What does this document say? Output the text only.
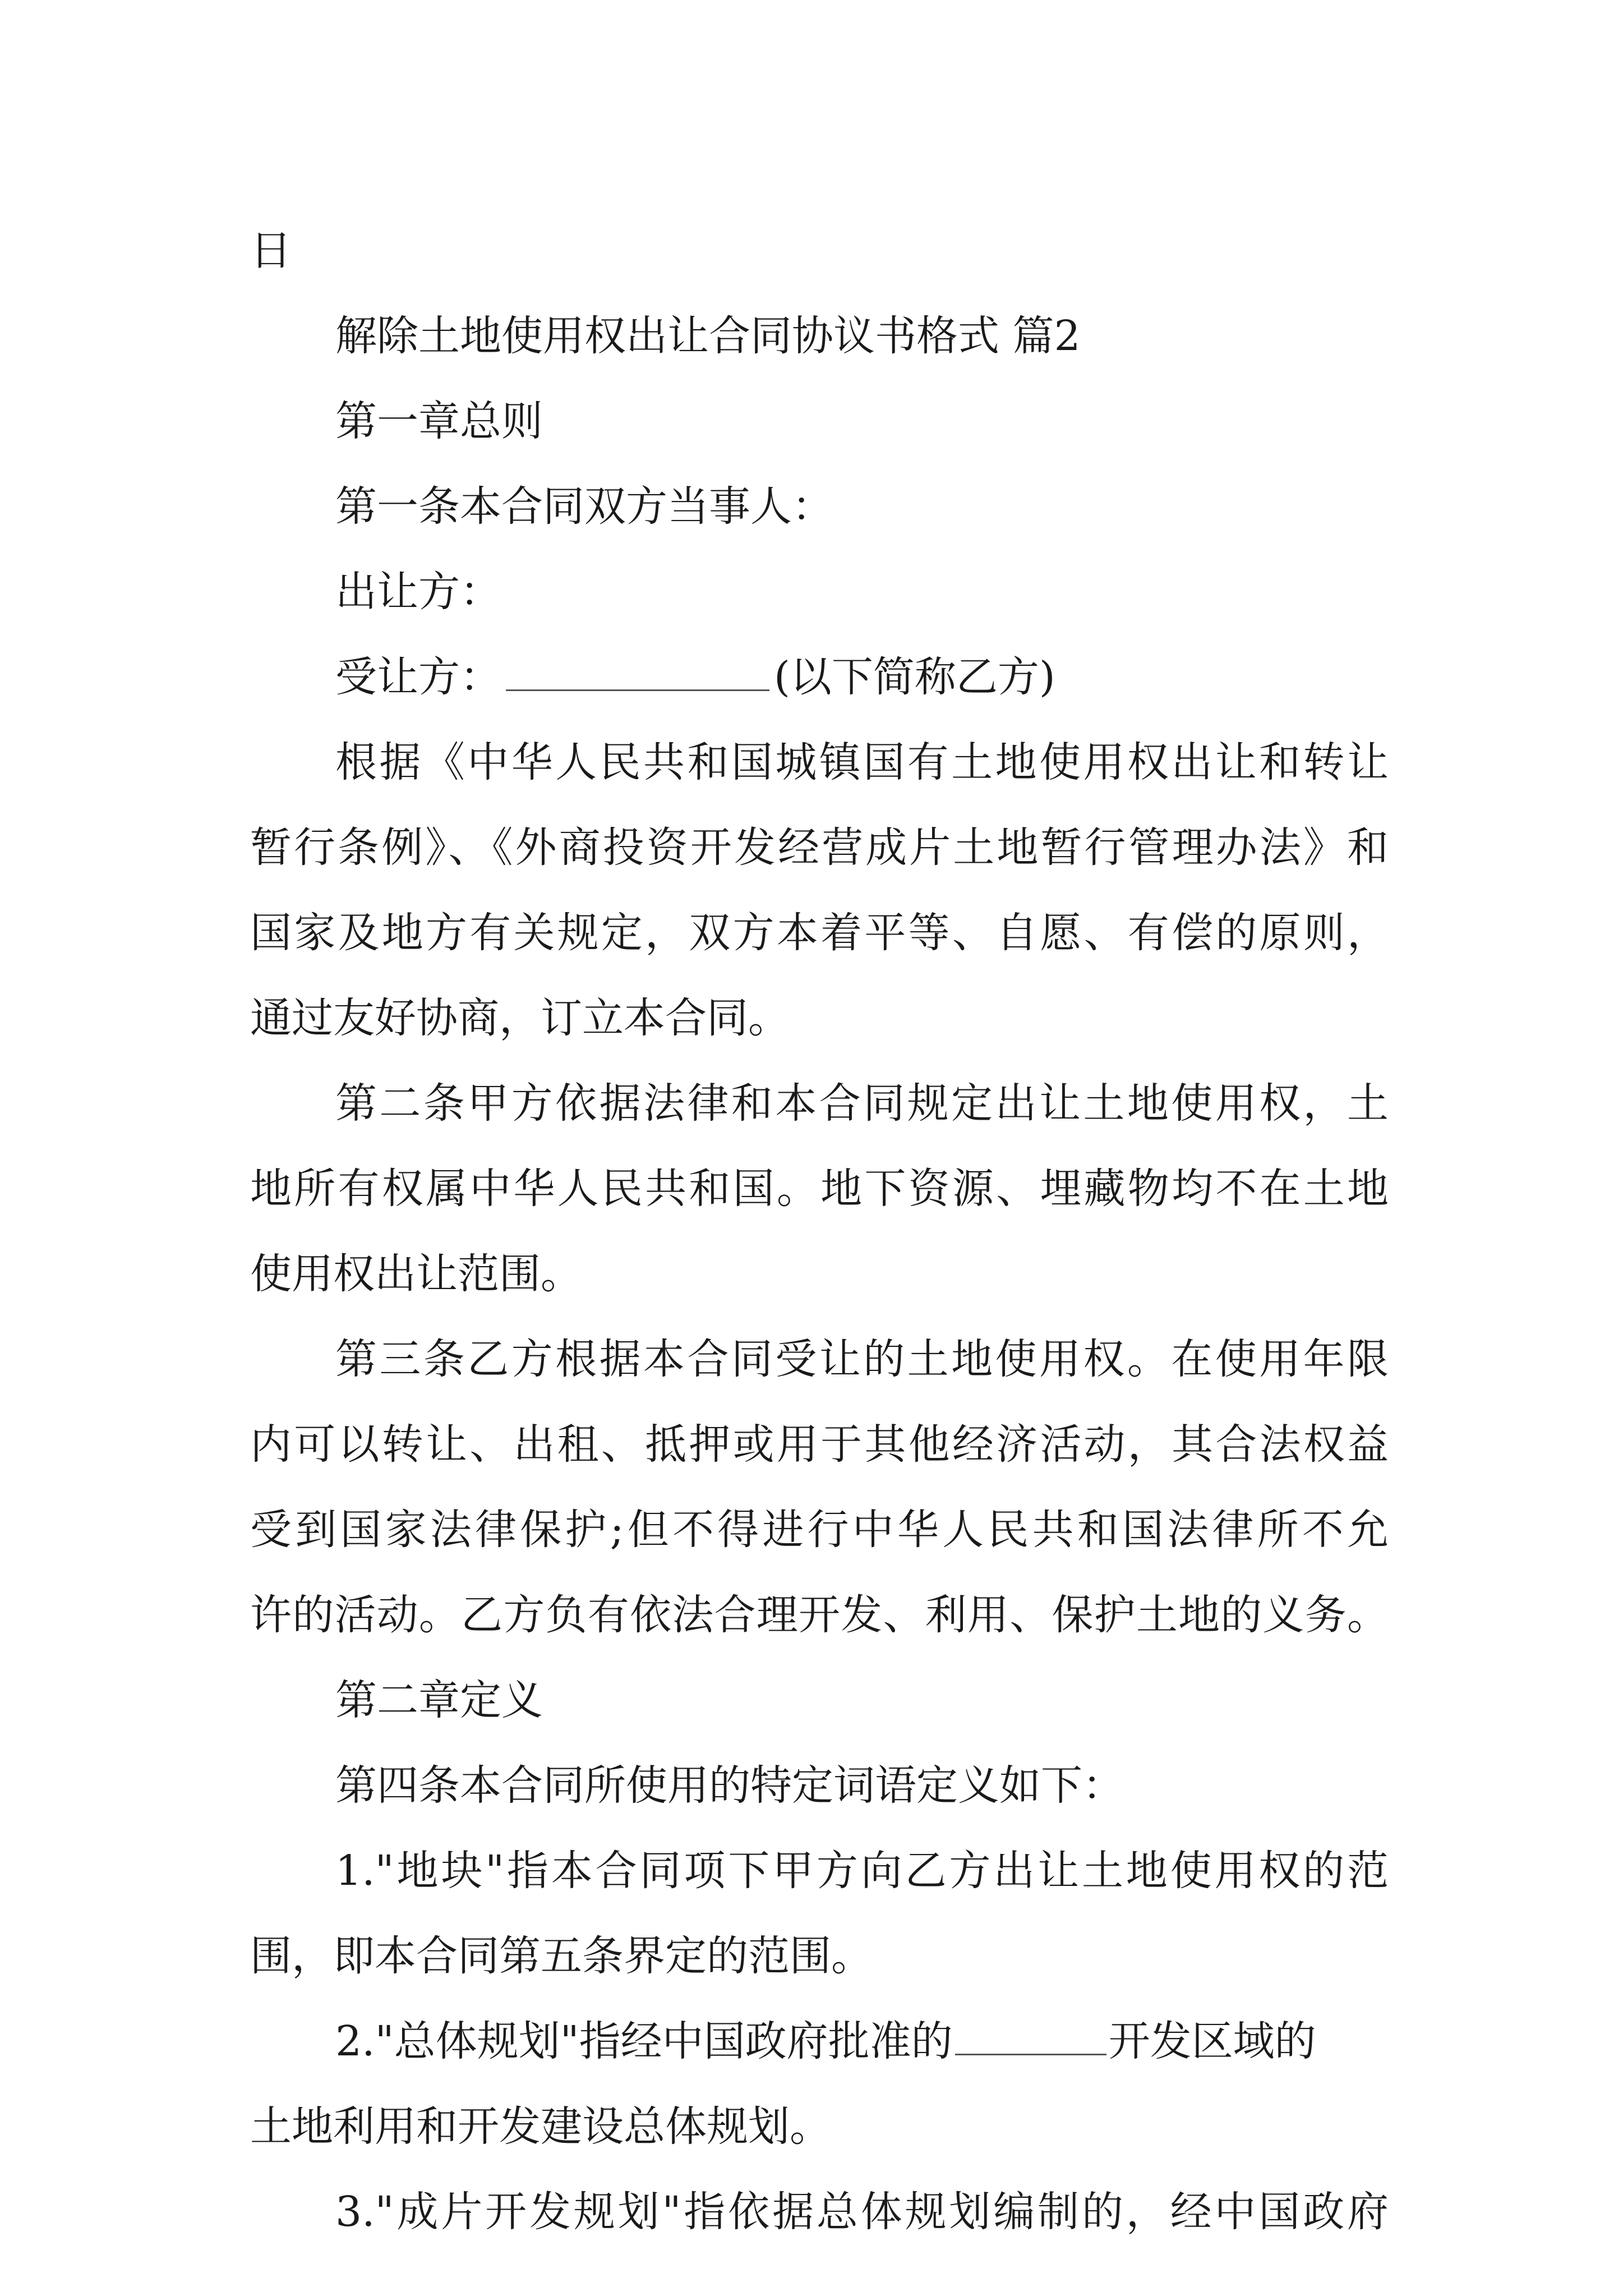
日

解除土地使用权出让合同协议书格式 篇2

第一章总则

第一条本合同双方当事人：

出让方：

受让方：	(以下简称乙方)

根据《中华人民共和国城镇国有土地使用权出让和转让

暂行条例》、《外商投资开发经营成片土地暂行管理办法》和

国家及地方有关规定，双方本着平等、自愿、有偿的原则，

通过友好协商，订立本合同。

第二条甲方依据法律和本合同规定出让土地使用权，土

地所有权属中华人民共和国。地下资源、埋藏物均不在土地

使用权出让范围。

第三条乙方根据本合同受让的土地使用权。在使用年限

内可以转让、出租、抵押或用于其他经济活动，其合法权益

受到国家法律保护;但不得进行中华人民共和国法律所不允

许的活动。乙方负有依法合理开发、利用、保护土地的义务。

第二章定义

第四条本合同所使用的特定词语定义如下：

1."地块"指本合同项下甲方向乙方出让土地使用权的范

围，即本合同第五条界定的范围。

2."总体规划"指经中国政府批准的	开发区域的

土地利用和开发建设总体规划。

3."成片开发规划"指依据总体规划编制的，经中国政府
